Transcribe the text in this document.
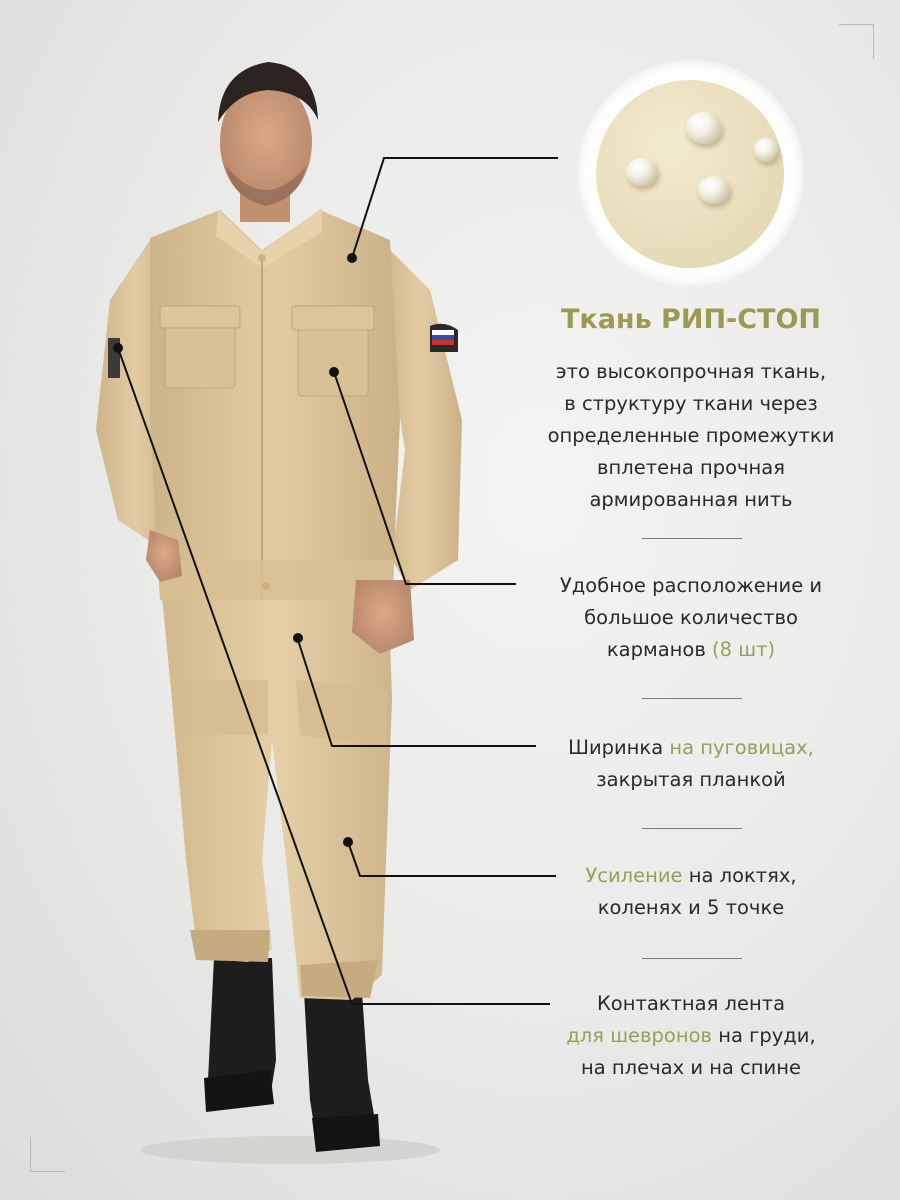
Ткань РИП-СТОП
это высокопрочная ткань,
в структуру ткани через
определенные промежутки
вплетена прочная
армированная нить
Удобное расположение и
большое количество
карманов (8 шт)
Ширинка на пуговицах,
закрытая планкой
Усиление на локтях,
коленях и 5 точке
Контактная лента
для шевронов на груди,
на плечах и на спине
